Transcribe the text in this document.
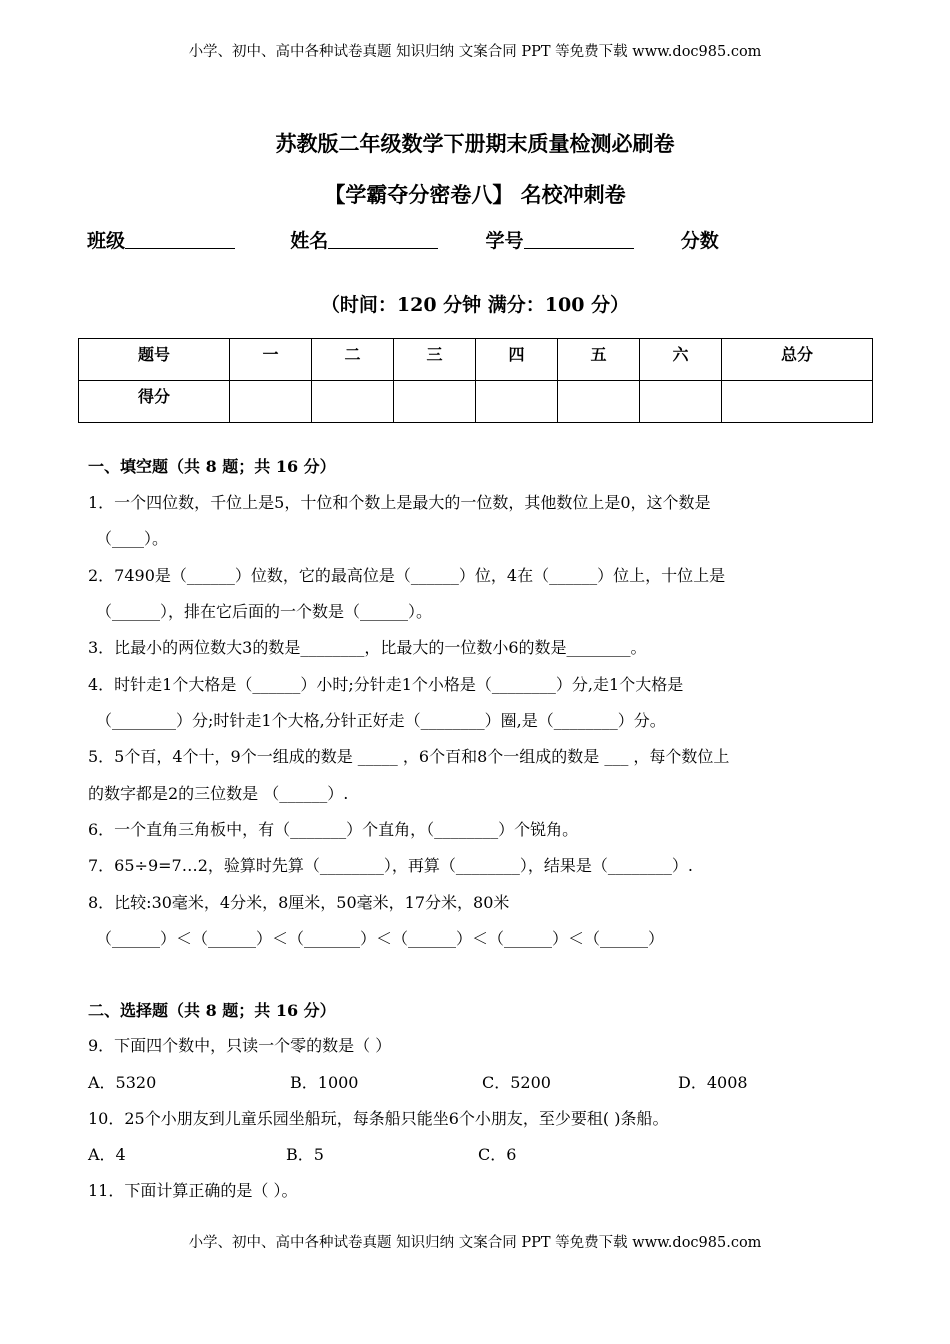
小学、初中、高中各种试卷真题 知识归纳 文案合同 PPT 等免费下载 www.doc985.com
苏教版二年级数学下册期末质量检测必刷卷
【学霸夺分密卷八】 名校冲刺卷
班级	姓名	学号	分数
（时间：120 分钟 满分：100 分）
题号	一	二	三	四	五	六	总分
得分							
一、填空题（共 8 题；共 16 分）
1．一个四位数，千位上是5，十位和个数上是最大的一位数，其他数位上是0，这个数是
（____）。
2．7490是（______）位数，它的最高位是（______）位，4在（______）位上，十位上是
（______），排在它后面的一个数是（______）。
3．比最小的两位数大3的数是________，比最大的一位数小6的数是________。
4．时针走1个大格是（______）小时;分针走1个小格是（________）分,走1个大格是
（________）分;时针走1个大格,分针正好走（________）圈,是（________）分。
5．5个百，4个十，9个一组成的数是 _____ ，6个百和8个一组成的数是 ___ ，每个数位上
的数字都是2的三位数是 （______）.
6．一个直角三角板中，有（_______）个直角，（________）个锐角。
7．65÷9=7…2，验算时先算（________），再算（________），结果是（________）.
8．比较:30毫米，4分米，8厘米，50毫米，17分米，80米
（______）＜（______）＜（_______）＜（______）＜（______）＜（______）
二、选择题（共 8 题；共 16 分）
9．下面四个数中，只读一个零的数是（ ）
A．5320	B．1000	C．5200	D．4008
10．25个小朋友到儿童乐园坐船玩，每条船只能坐6个小朋友，至少要租( )条船。
A．4	B．5	C．6
11．下面计算正确的是（ ）。
小学、初中、高中各种试卷真题 知识归纳 文案合同 PPT 等免费下载 www.doc985.com
